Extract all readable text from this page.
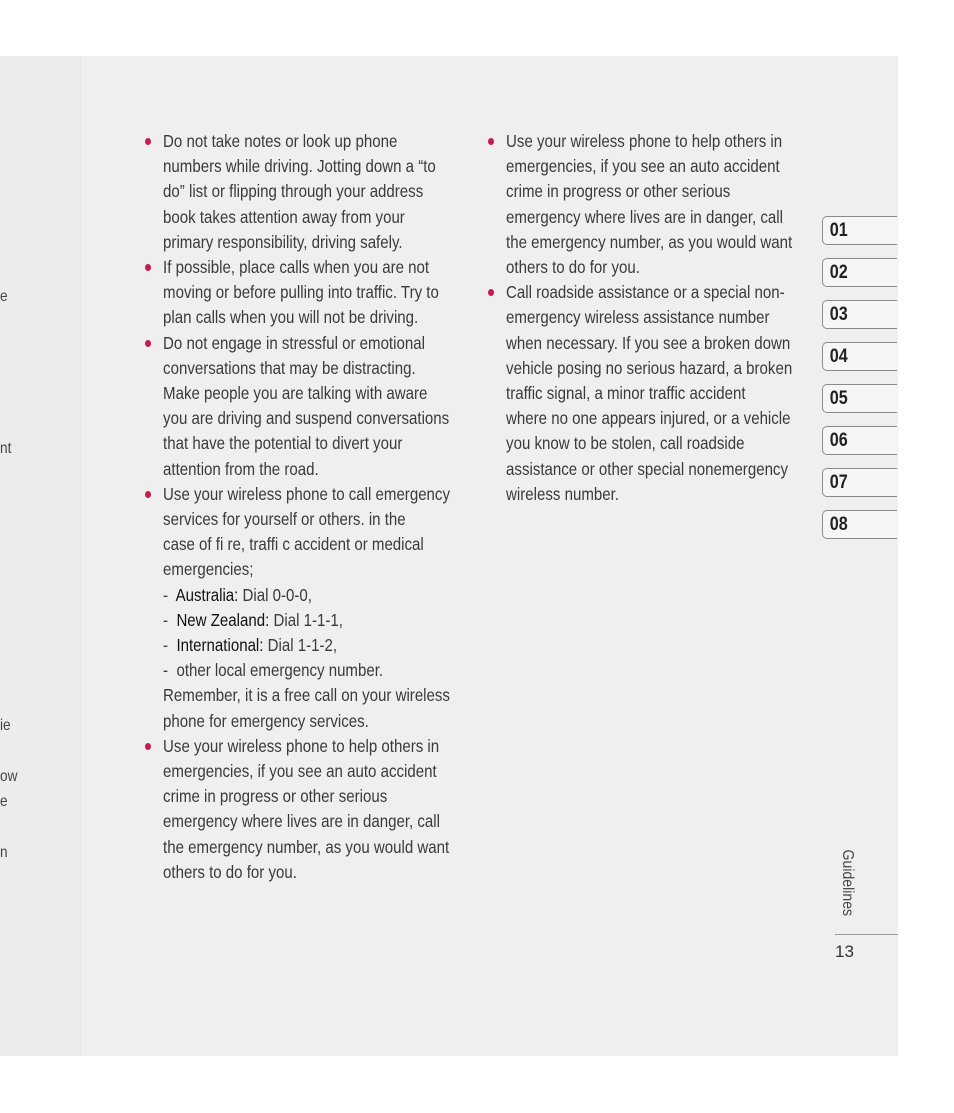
e
nt
ie
ow
e
n

Do not take notes or look up phone

numbers while driving. Jotting down a “to

do” list or flipping through your address

book takes attention away from your

primary responsibility, driving safely.

If possible, place calls when you are not

moving or before pulling into traffic. Try to

plan calls when you will not be driving.

Do not engage in stressful or emotional

conversations that may be distracting.

Make people you are talking with aware

you are driving and suspend conversations

that have the potential to divert your

attention from the road.

Use your wireless phone to call emergency

services for yourself or others. in the

case of fi re, traffi c accident or medical

emergencies;

- Australia: Dial 0-0-0,

- New Zealand: Dial 1-1-1,

- International: Dial 1-1-2,

- other local emergency number.

Remember, it is a free call on your wireless

phone for emergency services.

Use your wireless phone to help others in

emergencies, if you see an auto accident

crime in progress or other serious

emergency where lives are in danger, call

the emergency number, as you would want

others to do for you.

Use your wireless phone to help others in

emergencies, if you see an auto accident

crime in progress or other serious

emergency where lives are in danger, call

the emergency number, as you would want

others to do for you.

Call roadside assistance or a special non-

emergency wireless assistance number

when necessary. If you see a broken down

vehicle posing no serious hazard, a broken

traffic signal, a minor traffic accident

where no one appears injured, or a vehicle

you know to be stolen, call roadside

assistance or other special nonemergency

wireless number.

01
02
03
04
05
06
07
08
Guidelines
13
